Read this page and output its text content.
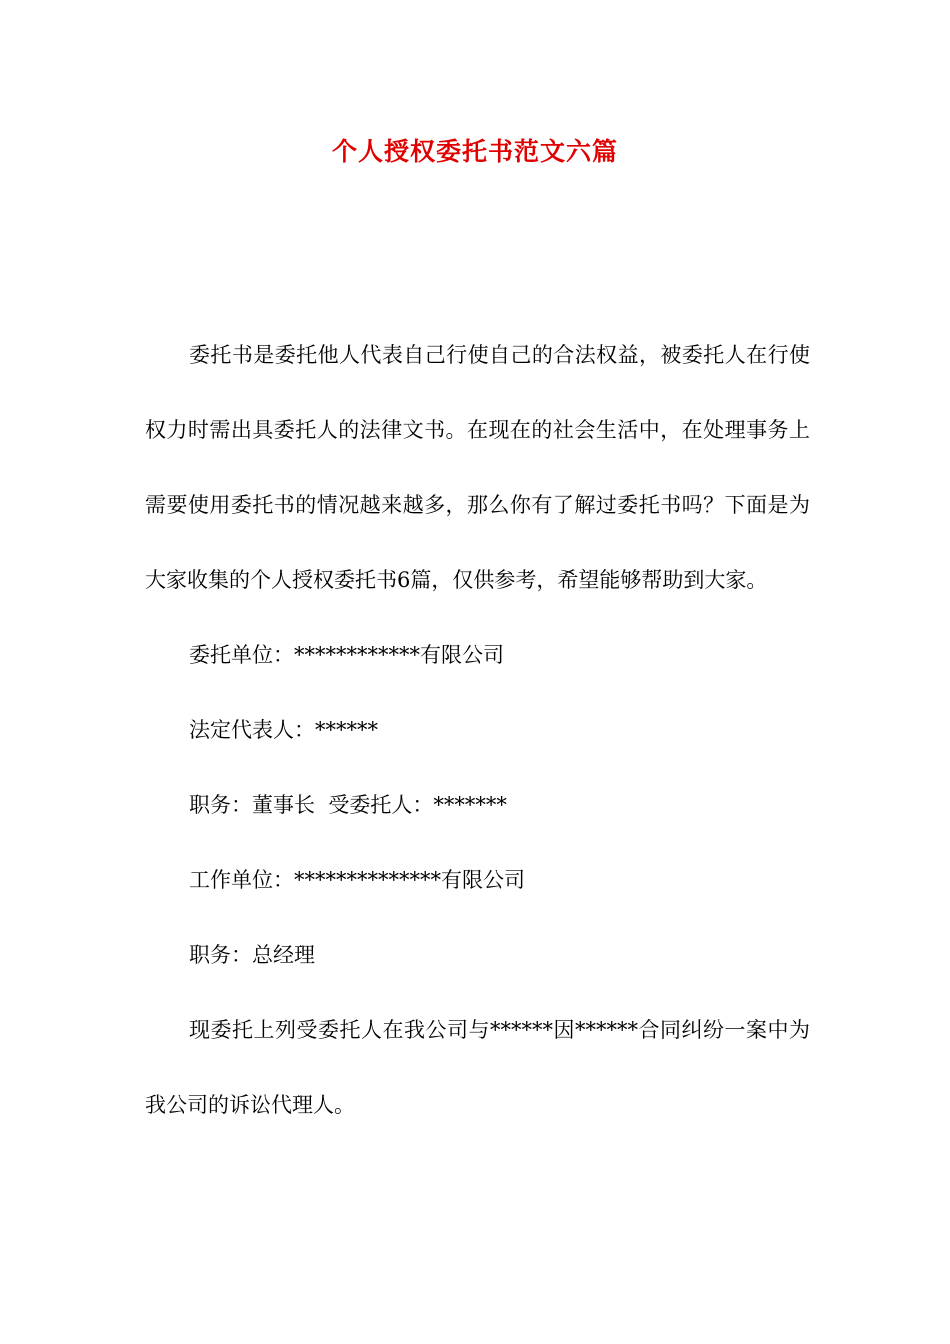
个人授权委托书范文六篇

委托书是委托他人代表自己行使自己的合法权益，被委托人在行使权力时需出具委托人的法律文书。在现在的社会生活中，在处理事务上需要使用委托书的情况越来越多，那么你有了解过委托书吗？下面是为大家收集的个人授权委托书6篇，仅供参考，希望能够帮助到大家。

委托单位：************有限公司

法定代表人：******

职务：董事长  受委托人：*******

工作单位：**************有限公司

职务：总经理

现委托上列受委托人在我公司与******因******合同纠纷一案中为我公司的诉讼代理人。
